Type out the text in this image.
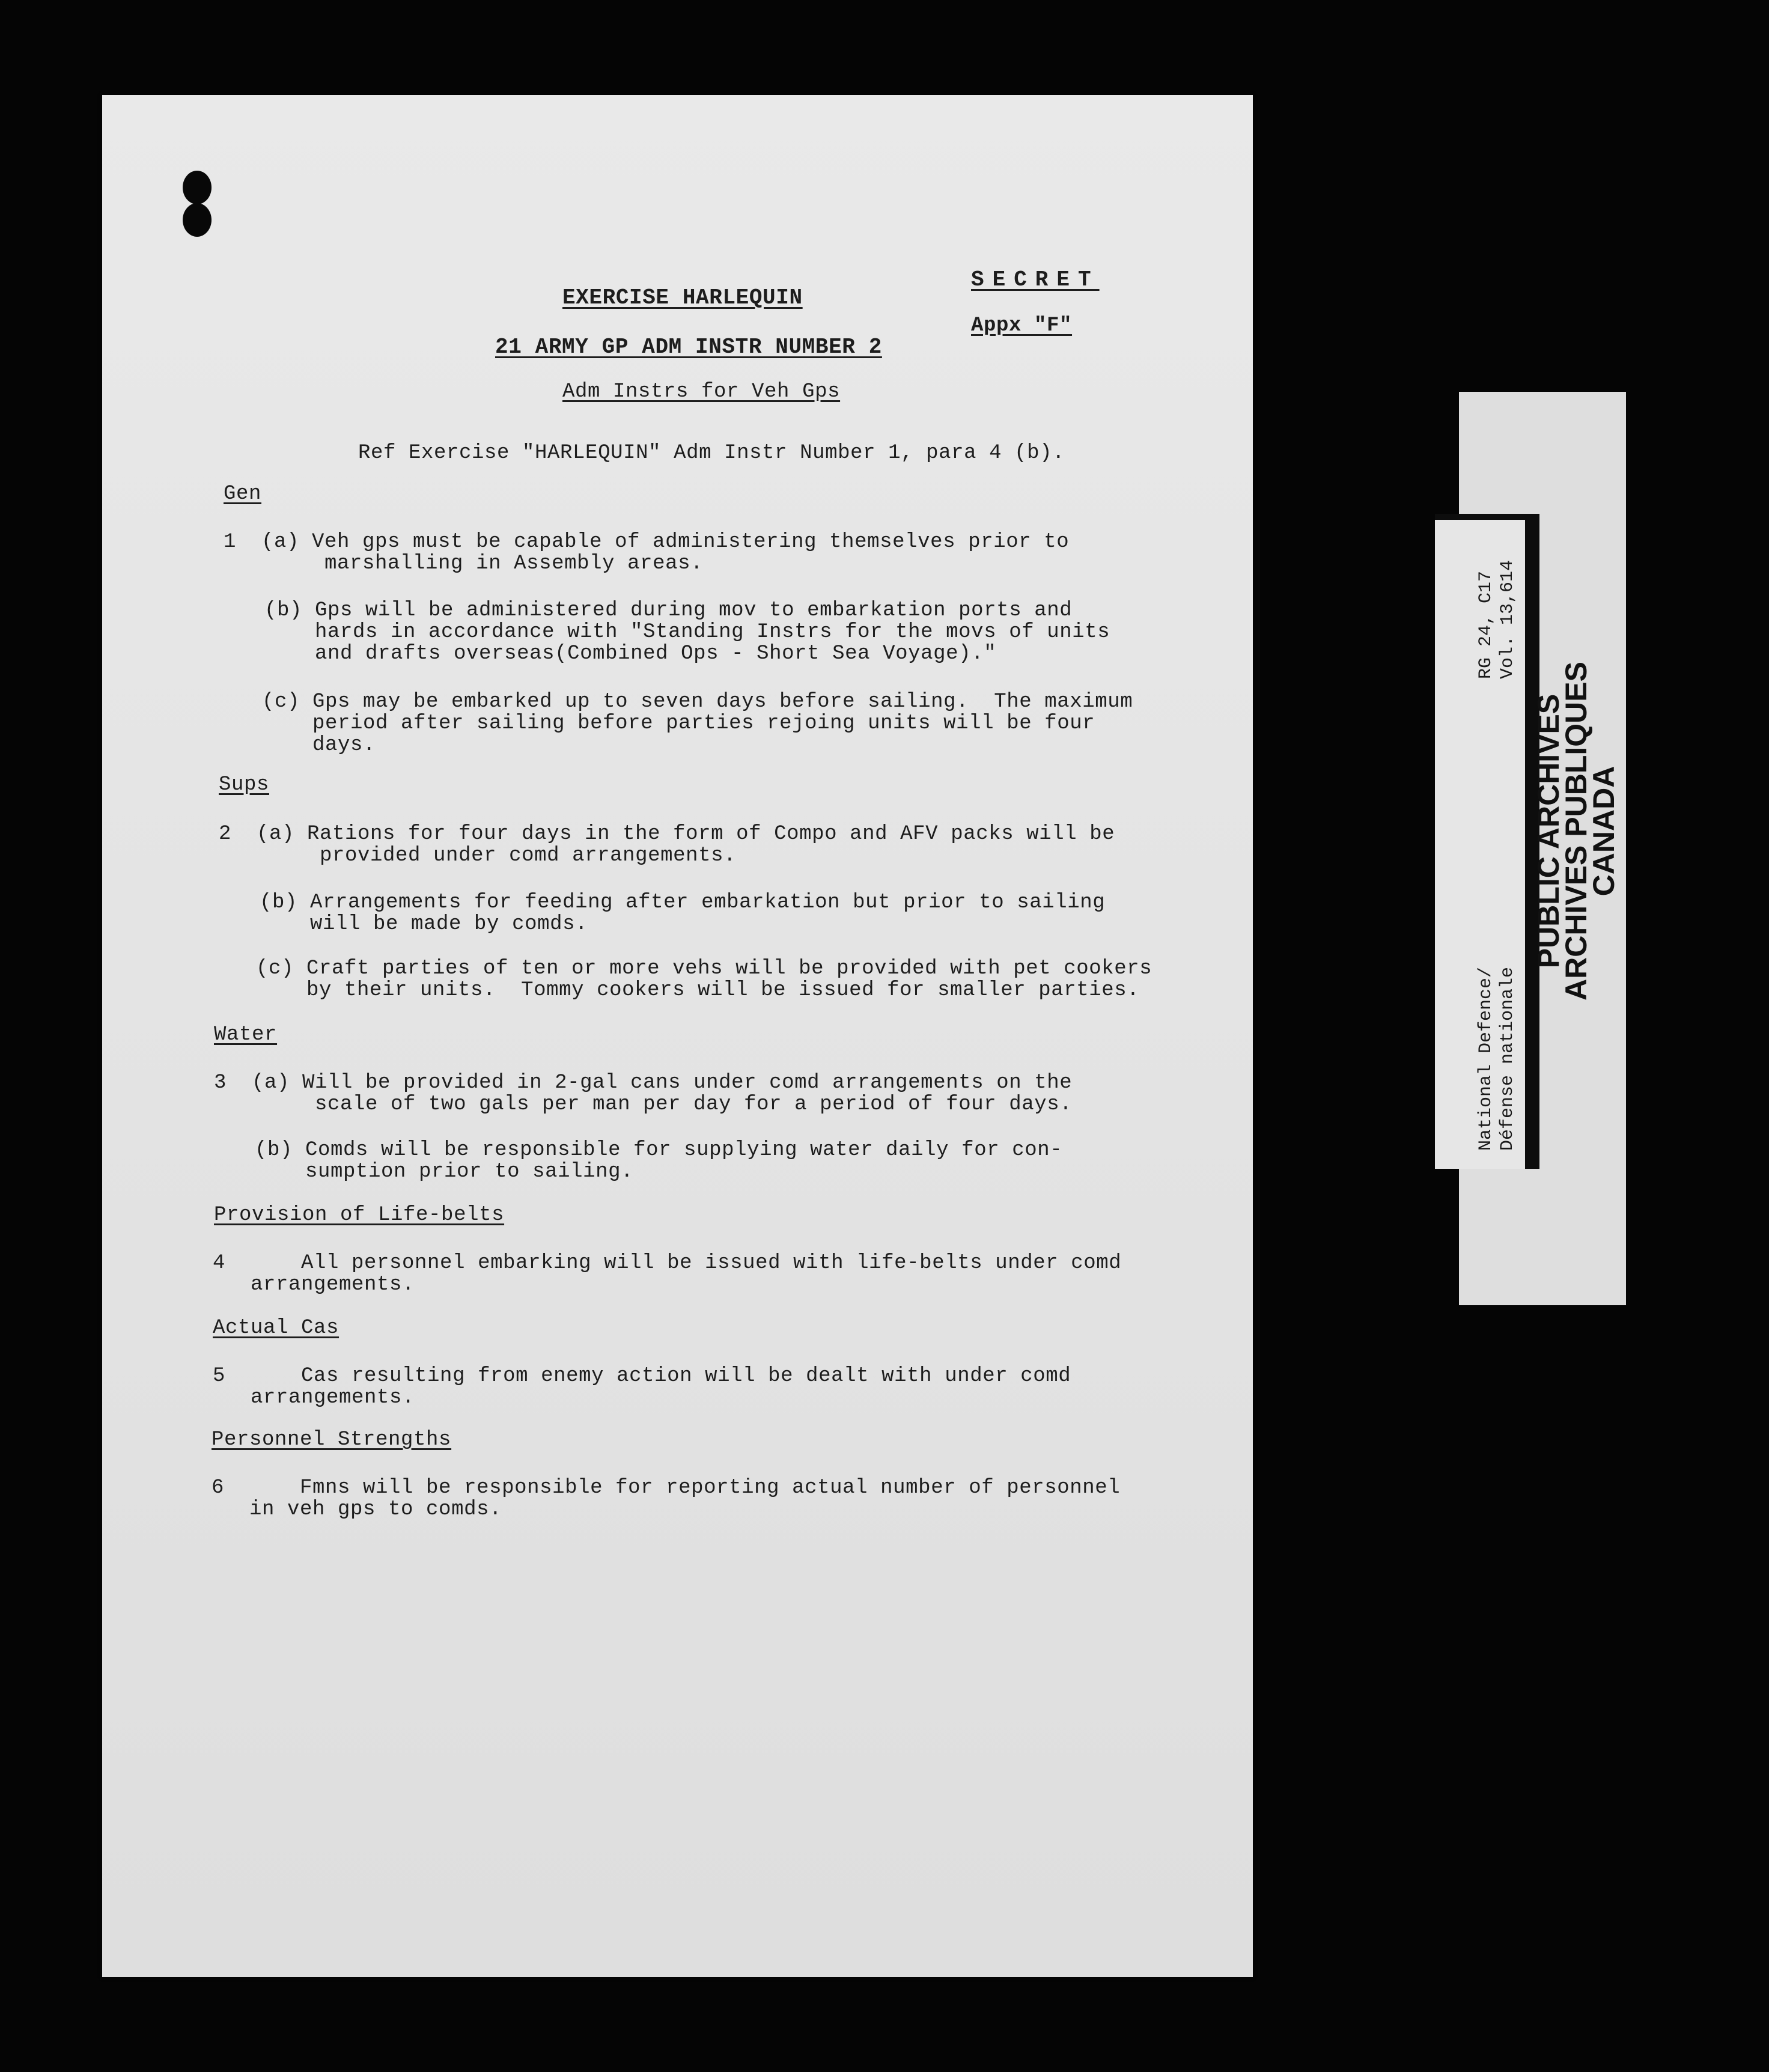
SECRET
Appx "F"
EXERCISE HARLEQUIN
21 ARMY GP ADM INSTR NUMBER 2
Adm Instrs for Veh Gps
Ref Exercise "HARLEQUIN" Adm Instr Number 1, para 4 (b).
Gen
1  (a) Veh gps must be capable of administering themselves prior to
marshalling in Assembly areas.
(b) Gps will be administered during mov to embarkation ports and
hards in accordance with "Standing Instrs for the movs of units
and drafts overseas(Combined Ops - Short Sea Voyage)."
(c) Gps may be embarked up to seven days before sailing.  The maximum
period after sailing before parties rejoing units will be four
days.
Sups
2  (a) Rations for four days in the form of Compo and AFV packs will be
provided under comd arrangements.
(b) Arrangements for feeding after embarkation but prior to sailing
will be made by comds.
(c) Craft parties of ten or more vehs will be provided with pet cookers
by their units.  Tommy cookers will be issued for smaller parties.
Water
3  (a) Will be provided in 2-gal cans under comd arrangements on the
scale of two gals per man per day for a period of four days.
(b) Comds will be responsible for supplying water daily for con-
sumption prior to sailing.
Provision of Life-belts
4      All personnel embarking will be issued with life-belts under comd
arrangements.
Actual Cas
5      Cas resulting from enemy action will be dealt with under comd
arrangements.
Personnel Strengths
6      Fmns will be responsible for reporting actual number of personnel
in veh gps to comds.
RG 24, C17
Vol. 13,614
National Defence/
Défense nationale
PUBLIC ARCHIVES
ARCHIVES PUBLIQUES
CANADA
